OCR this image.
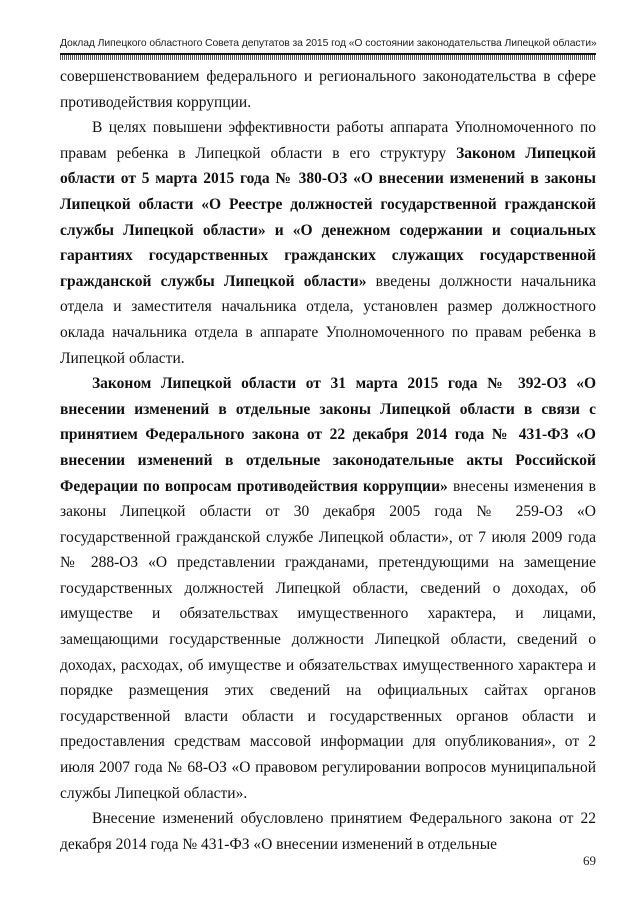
Доклад Липецкого областного Совета депутатов за 2015 год «О состоянии законодательства Липецкой области»

совершенствованием федерального и регионального законодательства в сфере противодействия коррупции.

В целях повышени эффективности работы аппарата Уполномоченного по правам ребенка в Липецкой области в его структуру Законом Липецкой области от 5 марта 2015 года № 380-ОЗ «О внесении изменений в законы Липецкой области «О Реестре должностей государственной гражданской службы Липецкой области» и «О денежном содержании и социальных гарантиях государственных гражданских служащих государственной гражданской службы Липецкой области» введены должности начальника отдела и заместителя начальника отдела, установлен размер должностного оклада начальника отдела в аппарате Уполномоченного по правам ребенка в Липецкой области.

Законом Липецкой области от 31 марта 2015 года № 392-ОЗ «О внесении изменений в отдельные законы Липецкой области в связи с принятием Федерального закона от 22 декабря 2014 года № 431-ФЗ «О внесении изменений в отдельные законодательные акты Российской Федерации по вопросам противодействия коррупции» внесены изменения в законы Липецкой области от 30 декабря 2005 года № 259-ОЗ «О государственной гражданской службе Липецкой области», от 7 июля 2009 года № 288-ОЗ «О представлении гражданами, претендующими на замещение государственных должностей Липецкой области, сведений о доходах, об имуществе и обязательствах имущественного характера, и лицами, замещающими государственные должности Липецкой области, сведений о доходах, расходах, об имуществе и обязательствах имущественного характера и порядке размещения этих сведений на официальных сайтах органов государственной власти области и государственных органов области и предоставления средствам массовой информации для опубликования», от 2 июля 2007 года № 68-ОЗ «О правовом регулировании вопросов муниципальной службы Липецкой области».

Внесение изменений обусловлено принятием Федерального закона от 22 декабря 2014 года № 431-ФЗ «О внесении изменений в отдельные

69
